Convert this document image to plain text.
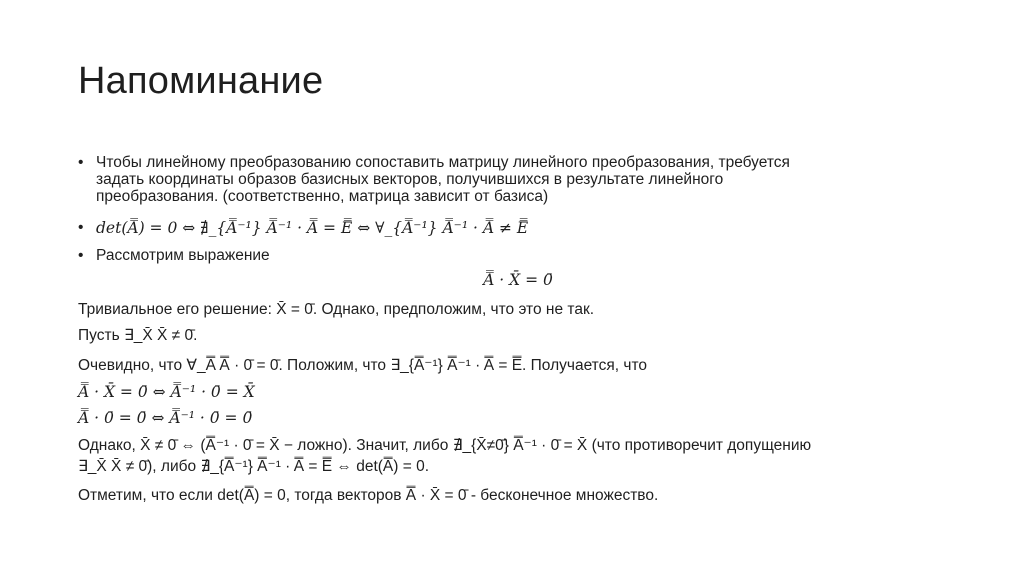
Напоминание
• Чтобы линейному преобразованию сопоставить матрицу линейного преобразования, требуется
задать координаты образов базисных векторов, получившихся в результате линейного
преобразования. (соответственно, матрица зависит от базиса)
• det(A̿) = 0 ⇔ ∄_{A̿⁻¹} A̿⁻¹ · A̿ = E̿ ⇔ ∀_{A̿⁻¹} A̿⁻¹ · A̿ ≠ E̿
• Рассмотрим выражение
A̿ · X̄ = 0̄
Тривиальное его решение: X̄ = 0̄. Однако, предположим, что это не так.
Пусть ∃_X̄ X̄ ≠ 0̄.
Очевидно, что ∀_A̿ A̿ · 0̄ = 0̄. Положим, что ∃_{A̿⁻¹} A̿⁻¹ · A̿ = E̿. Получается, что
A̿ · X̄ = 0̄ ⇔ A̿⁻¹ · 0̄ = X̄
A̿ · 0̄ = 0̄ ⇔ A̿⁻¹ · 0̄ = 0̄
Однако, X̄ ≠ 0̄ ⇔ (A̿⁻¹ · 0̄ = X̄ − ложно). Значит, либо ∄_{X̄≠0̄} A̿⁻¹ · 0̄ = X̄ (что противоречит допущению
∃_X̄ X̄ ≠ 0̄), либо ∄_{A̿⁻¹} A̿⁻¹ · A̿ = E̿ ⇔ det(A̿) = 0.
Отметим, что если det(A̿) = 0, тогда векторов A̿ · X̄ = 0̄ - бесконечное множество.
